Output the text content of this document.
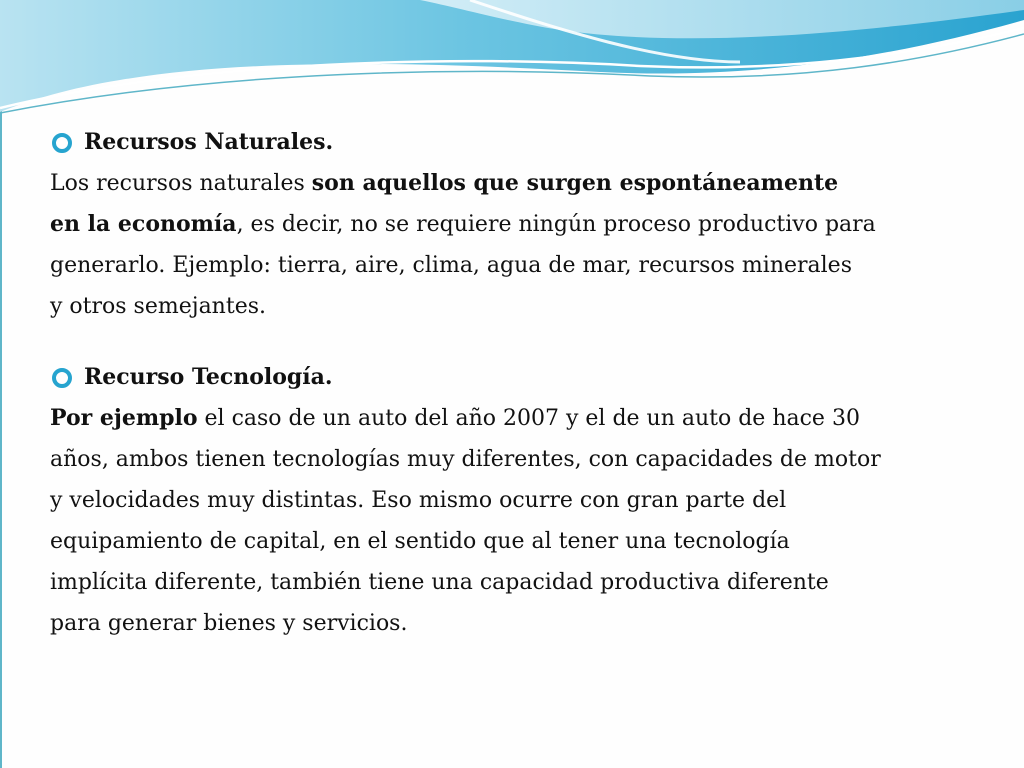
Recursos Naturales.
Los recursos naturales son aquellos que surgen espontáneamente
en la economía, es decir, no se requiere ningún proceso productivo para
generarlo. Ejemplo: tierra, aire, clima, agua de mar, recursos minerales
y otros semejantes.
Recurso Tecnología.
Por ejemplo el caso de un auto del año 2007 y el de un auto de hace 30
años, ambos tienen tecnologías muy diferentes, con capacidades de motor
y velocidades muy distintas. Eso mismo ocurre con gran parte del
equipamiento de capital, en el sentido que al tener una tecnología
implícita diferente, también tiene una capacidad productiva diferente
para generar bienes y servicios.
